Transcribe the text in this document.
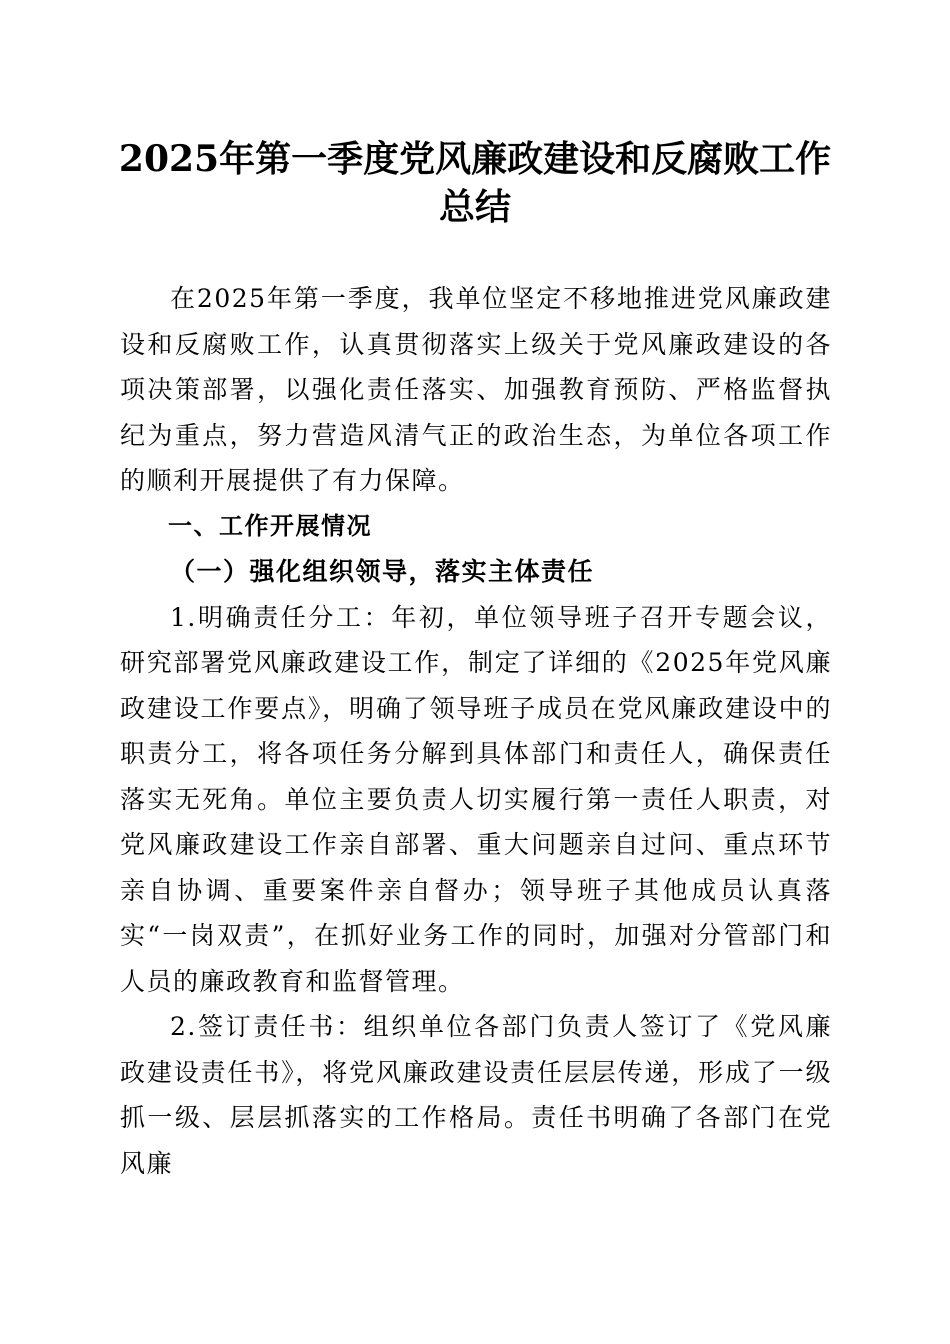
2025年第一季度党风廉政建设和反腐败工作
总结

在2025年第一季度，我单位坚定不移地推进党风廉政建设和反腐败工作，认真贯彻落实上级关于党风廉政建设的各项决策部署，以强化责任落实、加强教育预防、严格监督执纪为重点，努力营造风清气正的政治生态，为单位各项工作的顺利开展提供了有力保障。

一、工作开展情况

（一）强化组织领导，落实主体责任

1.明确责任分工：年初，单位领导班子召开专题会议，研究部署党风廉政建设工作，制定了详细的《2025年党风廉政建设工作要点》，明确了领导班子成员在党风廉政建设中的职责分工，将各项任务分解到具体部门和责任人，确保责任落实无死角。单位主要负责人切实履行第一责任人职责，对党风廉政建设工作亲自部署、重大问题亲自过问、重点环节亲自协调、重要案件亲自督办；领导班子其他成员认真落实“一岗双责”，在抓好业务工作的同时，加强对分管部门和人员的廉政教育和监督管理。

2.签订责任书：组织单位各部门负责人签订了《党风廉政建设责任书》，将党风廉政建设责任层层传递，形成了一级抓一级、层层抓落实的工作格局。责任书明确了各部门在党风廉
